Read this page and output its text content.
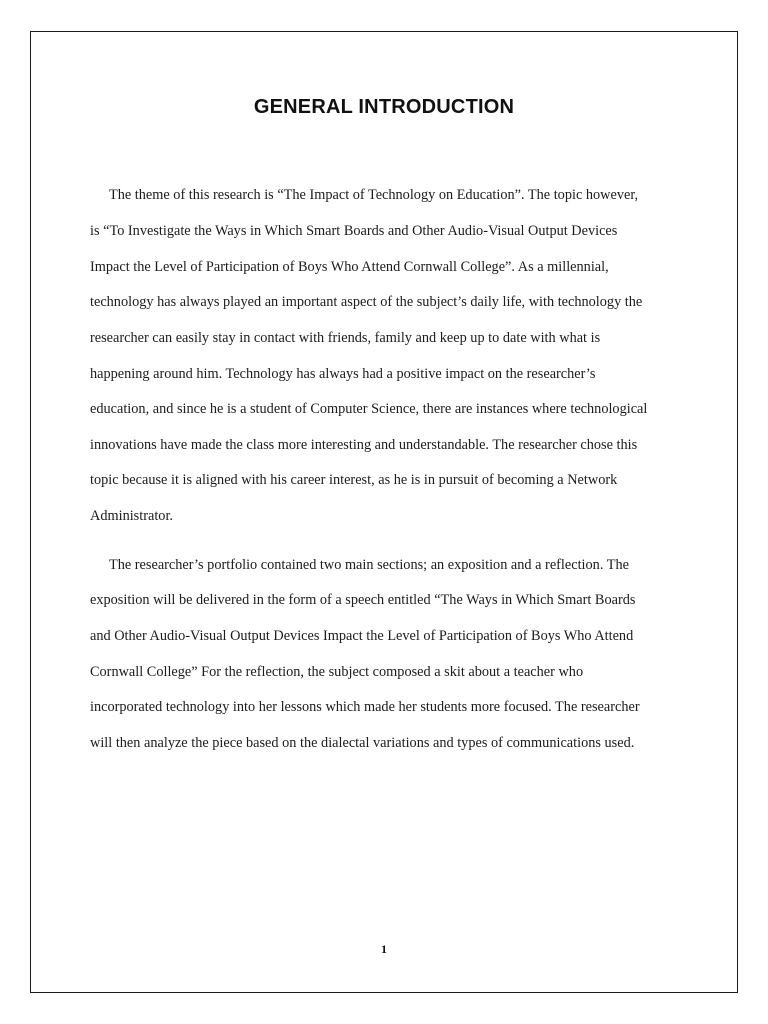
GENERAL INTRODUCTION
The theme of this research is “The Impact of Technology on Education”. The topic however,
is “To Investigate the Ways in Which Smart Boards and Other Audio-Visual Output Devices
Impact the Level of Participation of Boys Who Attend Cornwall College”. As a millennial,
technology has always played an important aspect of the subject’s daily life, with technology the
researcher can easily stay in contact with friends, family and keep up to date with what is
happening around him. Technology has always had a positive impact on the researcher’s
education, and since he is a student of Computer Science, there are instances where technological
innovations have made the class more interesting and understandable. The researcher chose this
topic because it is aligned with his career interest, as he is in pursuit of becoming a Network
Administrator.
The researcher’s portfolio contained two main sections; an exposition and a reflection. The
exposition will be delivered in the form of a speech entitled “The Ways in Which Smart Boards
and Other Audio-Visual Output Devices Impact the Level of Participation of Boys Who Attend
Cornwall College” For the reflection, the subject composed a skit about a teacher who
incorporated technology into her lessons which made her students more focused. The researcher
will then analyze the piece based on the dialectal variations and types of communications used.
1
